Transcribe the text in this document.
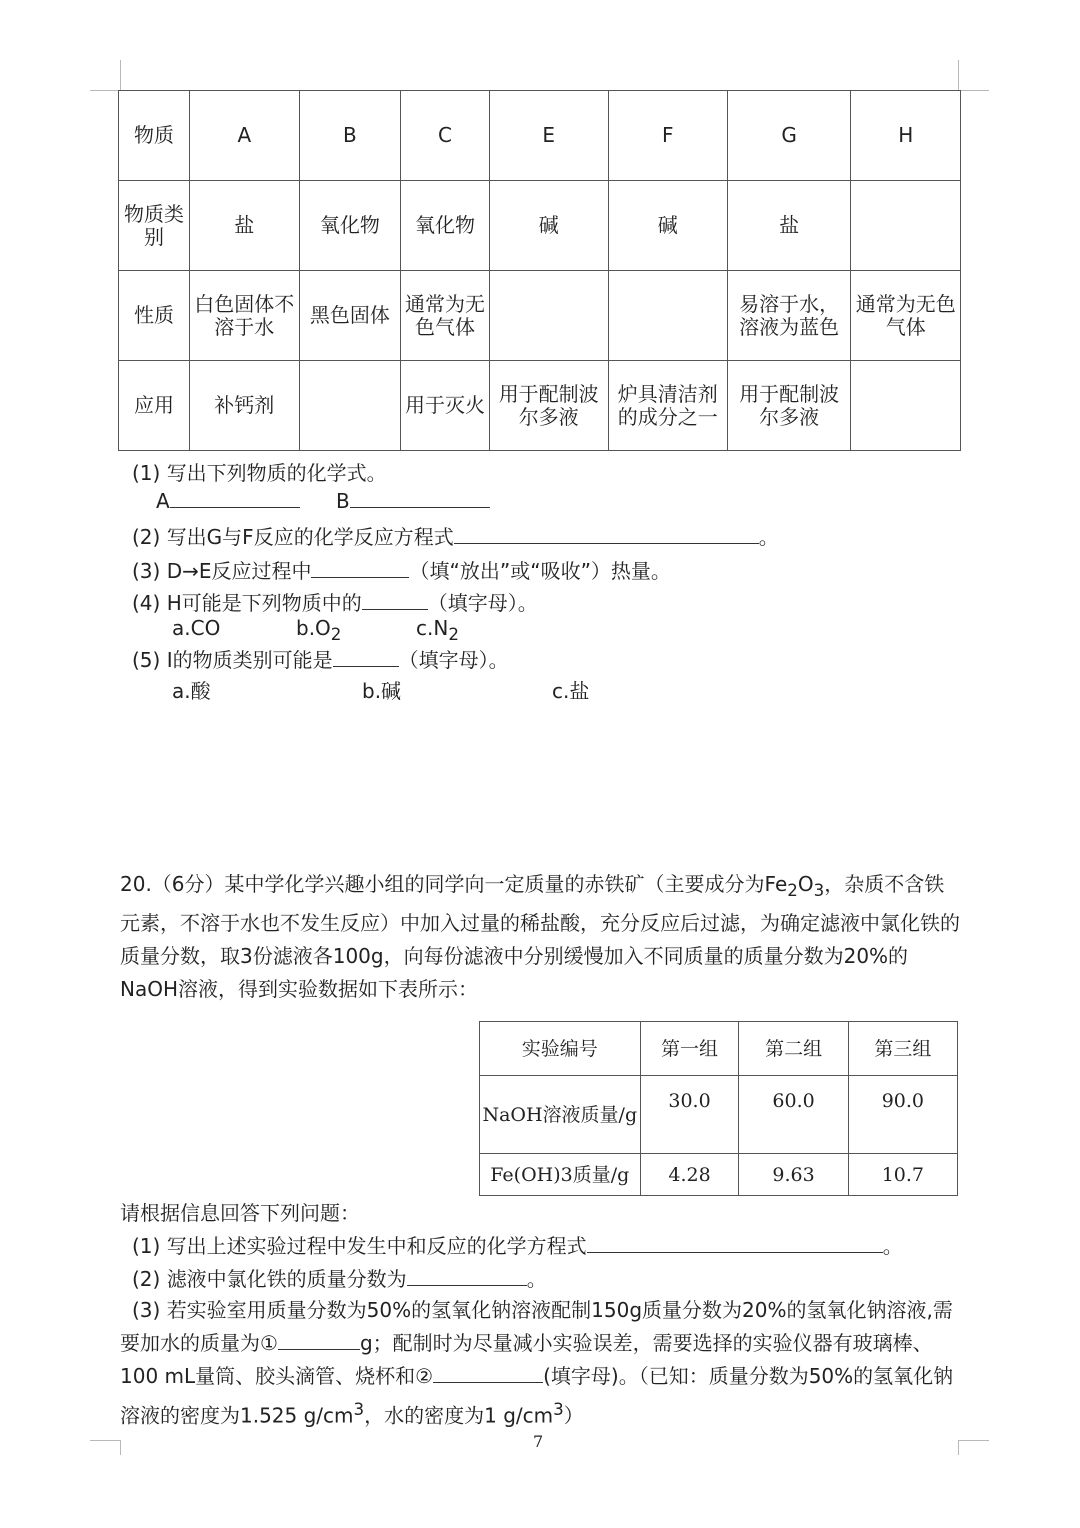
物质	A	B	C	E	F	G	H
物质类别	盐	氧化物	氧化物	碱	碱	盐	
性质	白色固体不溶于水	黑色固体	通常为无色气体			易溶于水，溶液为蓝色	通常为无色气体
应用	补钙剂		用于灭火	用于配制波尔多液	炉具清洁剂的成分之一	用于配制波尔多液	
(1) 写出下列物质的化学式。
A	B
(2) 写出G与F反应的化学反应方程式	。
(3) D→E反应过程中	（填“放出”或“吸收”）热量。
(4) H可能是下列物质中的	（填字母）。
a.CO	$b.O_2$	$c.N_2$
(5) I的物质类别可能是	（填字母）。
a.酸	b.碱	c.盐
20.（6分）某中学化学兴趣小组的同学向一定质量的赤铁矿（主要成分为$Fe_2O_3$，杂质不含铁元素，不溶于水也不发生反应）中加入过量的稀盐酸，充分反应后过滤，为确定滤液中氯化铁的质量分数，取3份滤液各100g，向每份滤液中分别缓慢加入不同质量的质量分数为20%的NaOH溶液，得到实验数据如下表所示：
实验编号	第一组	第二组	第三组
NaOH溶液质量/g	30.0	60.0	90.0
Fe(OH)3质量/g	4.28	9.63	10.7
请根据信息回答下列问题：
(1) 写出上述实验过程中发生中和反应的化学方程式	。
(2) 滤液中氯化铁的质量分数为	。
(3) 若实验室用质量分数为50%的氢氧化钠溶液配制150g质量分数为20%的氢氧化钠溶液,需要加水的质量为①	g；配制时为尽量减小实验误差，需要选择的实验仪器有玻璃棒、100 mL量筒、胶头滴管、烧杯和②	(填字母)。（已知：质量分数为50%的氢氧化钠溶液的密度为1.525 $g/cm^3$，水的密度为1 $g/cm^3$）
7
